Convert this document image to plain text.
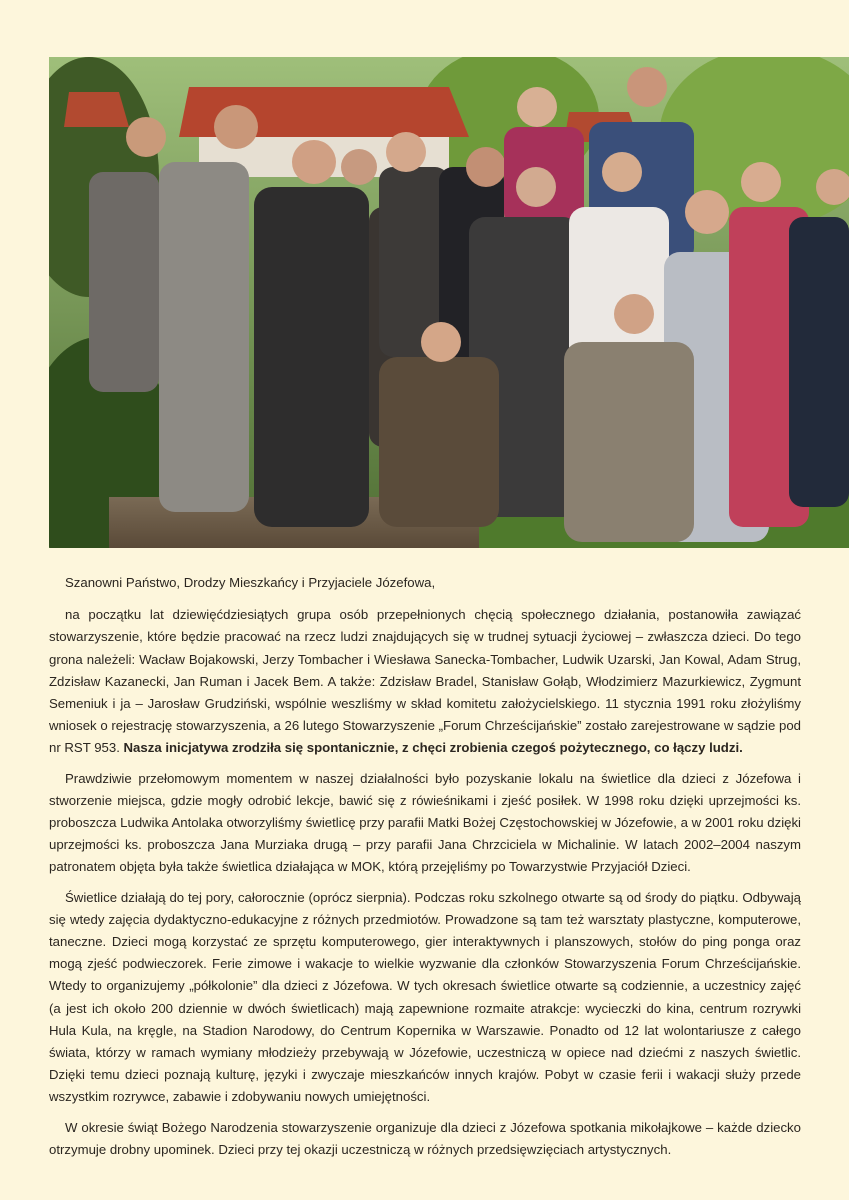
Szanowni Państwo, Drodzy Mieszkańcy i Przyjaciele Józefowa,

na początku lat dziewięćdziesiątych grupa osób przepełnionych chęcią społecznego działania, postanowiła zawiązać stowarzyszenie, które będzie pracować na rzecz ludzi znajdujących się w trudnej sytuacji życiowej – zwłaszcza dzieci. Do tego grona należeli: Wacław Bojakowski, Jerzy Tombacher i Wiesława Sanecka-Tombacher, Ludwik Uzarski, Jan Kowal, Adam Strug, Zdzisław Kazanecki, Jan Ruman i Jacek Bem. A także: Zdzisław Bradel, Stanisław Gołąb, Włodzimierz Mazurkiewicz, Zygmunt Semeniuk i ja – Jarosław Grudziński, wspólnie weszliśmy w skład komitetu założycielskiego. 11 stycznia 1991 roku złożyliśmy wniosek o rejestrację stowarzyszenia, a 26 lutego Stowarzyszenie „Forum Chrześcijańskie” zostało zarejestrowane w sądzie pod nr RST 953. Nasza inicjatywa zrodziła się spontanicznie, z chęci zrobienia czegoś pożytecznego, co łączy ludzi.

Prawdziwie przełomowym momentem w naszej działalności było pozyskanie lokalu na świetlice dla dzieci z Józefowa i stworzenie miejsca, gdzie mogły odrobić lekcje, bawić się z rówieśnikami i zjeść posiłek. W 1998 roku dzięki uprzejmości ks. proboszcza Ludwika Antolaka otworzyliśmy świetlicę przy parafii Matki Bożej Częstochowskiej w Józefowie, a w 2001 roku dzięki uprzejmości ks. proboszcza Jana Murziaka drugą – przy parafii Jana Chrzciciela w Michalinie. W latach 2002–2004 naszym patronatem objęta była także świetlica działająca w MOK, którą przejęliśmy po Towarzystwie Przyjaciół Dzieci.

Świetlice działają do tej pory, całorocznie (oprócz sierpnia). Podczas roku szkolnego otwarte są od środy do piątku. Odbywają się wtedy zajęcia dydaktyczno-edukacyjne z różnych przedmiotów. Prowadzone są tam też warsztaty plastyczne, komputerowe, taneczne. Dzieci mogą korzystać ze sprzętu komputerowego, gier interaktywnych i planszowych, stołów do ping ponga oraz mogą zjeść podwieczorek. Ferie zimowe i wakacje to wielkie wyzwanie dla członków Stowarzyszenia Forum Chrześcijańskie. Wtedy to organizujemy „półkolonie” dla dzieci z Józefowa. W tych okresach świetlice otwarte są codziennie, a uczestnicy zajęć (a jest ich około 200 dziennie w dwóch świetlicach) mają zapewnione rozmaite atrakcje: wycieczki do kina, centrum rozrywki Hula Kula, na kręgle, na Stadion Narodowy, do Centrum Kopernika w Warszawie. Ponadto od 12 lat wolontariusze z całego świata, którzy w ramach wymiany młodzieży przebywają w Józefowie, uczestniczą w opiece nad dziećmi z naszych świetlic. Dzięki temu dzieci poznają kulturę, języki i zwyczaje mieszkańców innych krajów. Pobyt w czasie ferii i wakacji służy przede wszystkim rozrywce, zabawie i zdobywaniu nowych umiejętności.

W okresie świąt Bożego Narodzenia stowarzyszenie organizuje dla dzieci z Józefowa spotkania mikołajkowe – każde dziecko otrzymuje drobny upominek. Dzieci przy tej okazji uczestniczą w różnych przedsięwzięciach artystycznych.
